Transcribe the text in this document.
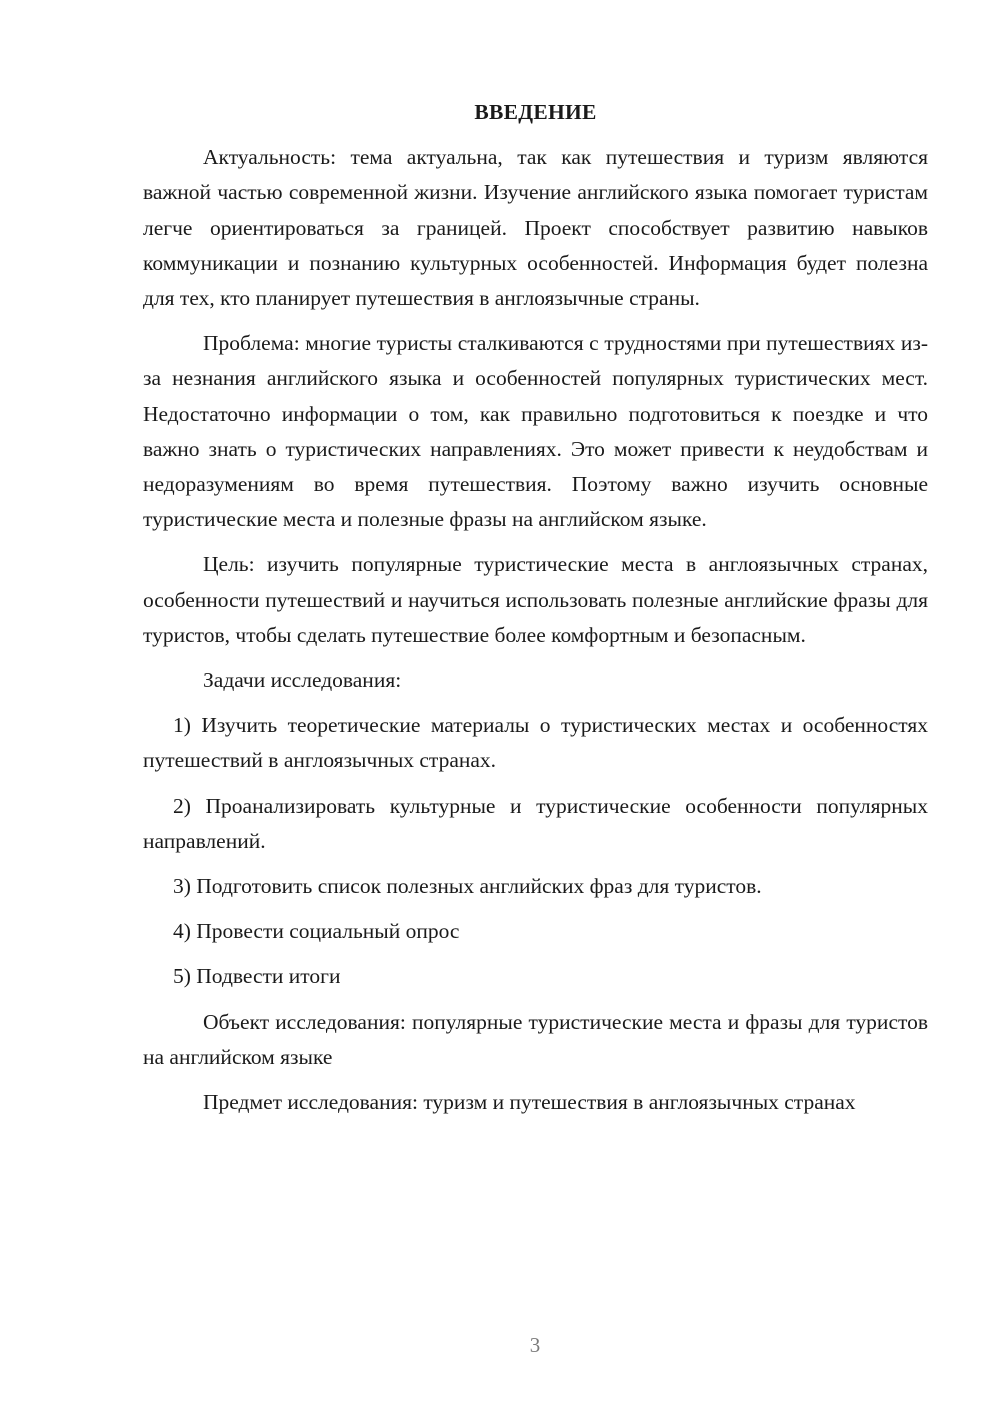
ВВЕДЕНИЕ
Актуальность: тема актуальна, так как путешествия и туризм являются важной частью современной жизни. Изучение английского языка помогает туристам легче ориентироваться за границей. Проект способствует развитию навыков коммуникации и познанию культурных особенностей. Информация будет полезна для тех, кто планирует путешествия в англоязычные страны.
Проблема: многие туристы сталкиваются с трудностями при путешествиях из-за незнания английского языка и особенностей популярных туристических мест. Недостаточно информации о том, как правильно подготовиться к поездке и что важно знать о туристических направлениях. Это может привести к неудобствам и недоразумениям во время путешествия. Поэтому важно изучить основные туристические места и полезные фразы на английском языке.
Цель: изучить популярные туристические места в англоязычных странах, особенности путешествий и научиться использовать полезные английские фразы для туристов, чтобы сделать путешествие более комфортным и безопасным.
Задачи исследования:
1) Изучить теоретические материалы о туристических местах и особенностях путешествий в англоязычных странах.
2) Проанализировать культурные и туристические особенности популярных направлений.
3) Подготовить список полезных английских фраз для туристов.
4) Провести социальный опрос
5) Подвести итоги
Объект исследования: популярные туристические места и фразы для туристов на английском языке
Предмет исследования: туризм и путешествия в англоязычных странах
3
